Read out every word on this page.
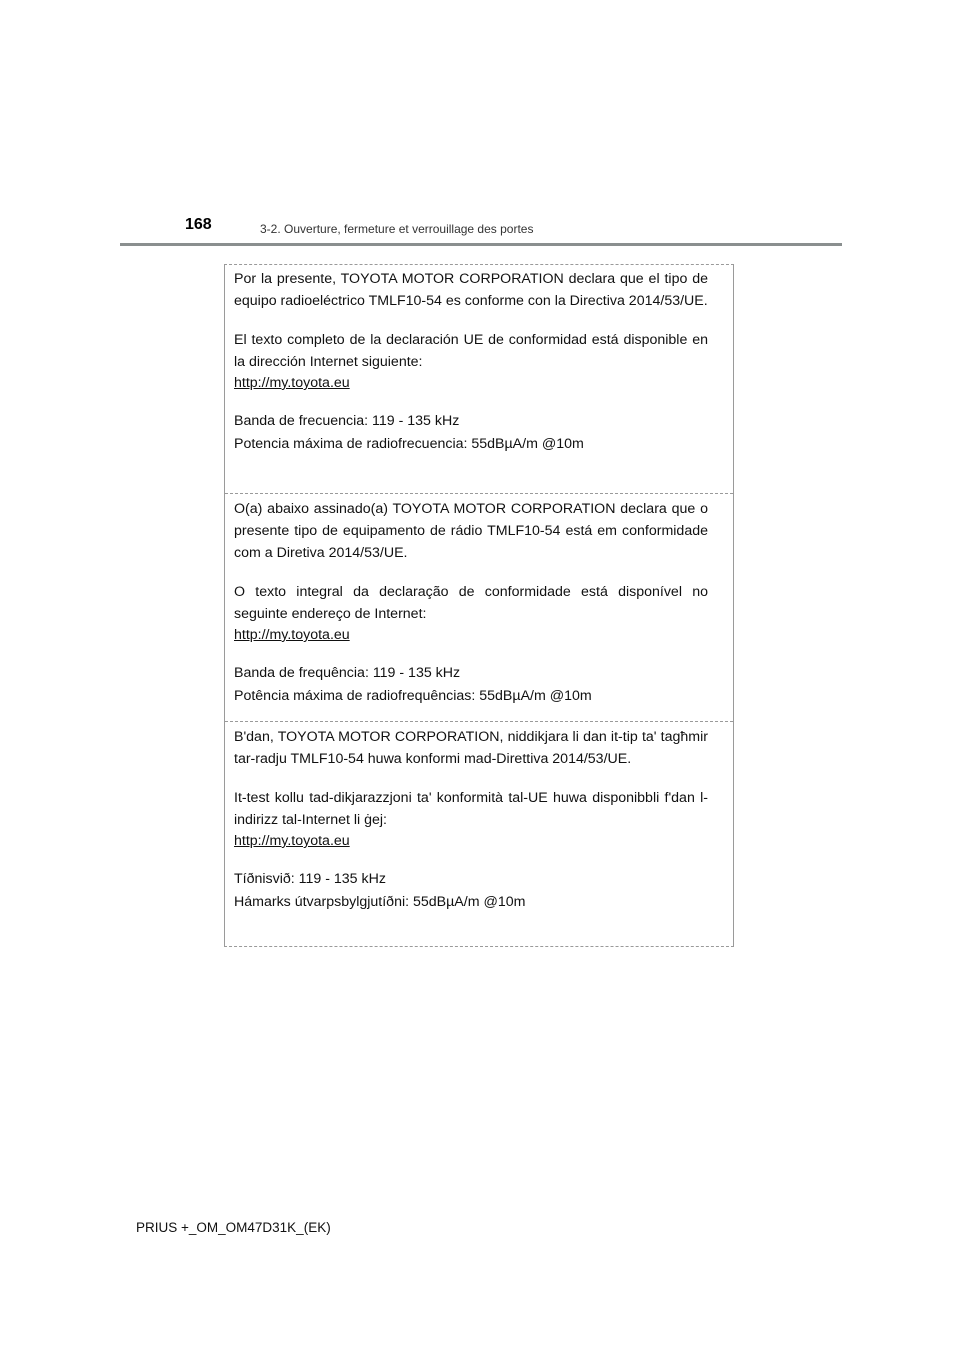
168	3-2. Ouverture, fermeture et verrouillage des portes

Por la presente, TOYOTA MOTOR CORPORATION declara que el tipo de equipo radioeléctrico TMLF10-54 es conforme con la Directiva 2014/53/UE.

El texto completo de la declaración UE de conformidad está disponible en la dirección Internet siguiente:

http://my.toyota.eu

Banda de frecuencia: 119 - 135 kHz

Potencia máxima de radiofrecuencia: 55dBµA/m @10m

O(a) abaixo assinado(a) TOYOTA MOTOR CORPORATION declara que o presente tipo de equipamento de rádio TMLF10-54 está em conformidade com a Diretiva 2014/53/UE.

O texto integral da declaração de conformidade está disponível no seguinte endereço de Internet:

http://my.toyota.eu

Banda de frequência: 119 - 135 kHz

Potência máxima de radiofrequências: 55dBµA/m @10m

B'dan, TOYOTA MOTOR CORPORATION, niddikjara li dan it-tip ta' tagħmir tar-radju TMLF10-54 huwa konformi mad-Direttiva 2014/53/UE.

It-test kollu tad-dikjarazzjoni ta' konformità tal-UE huwa disponibbli f'dan l-indirizz tal-Internet li ġej:

http://my.toyota.eu

Tíðnisvið: 119 - 135 kHz

Hámarks útvarpsbylgjutíðni: 55dBµA/m @10m

PRIUS +_OM_OM47D31K_(EK)
